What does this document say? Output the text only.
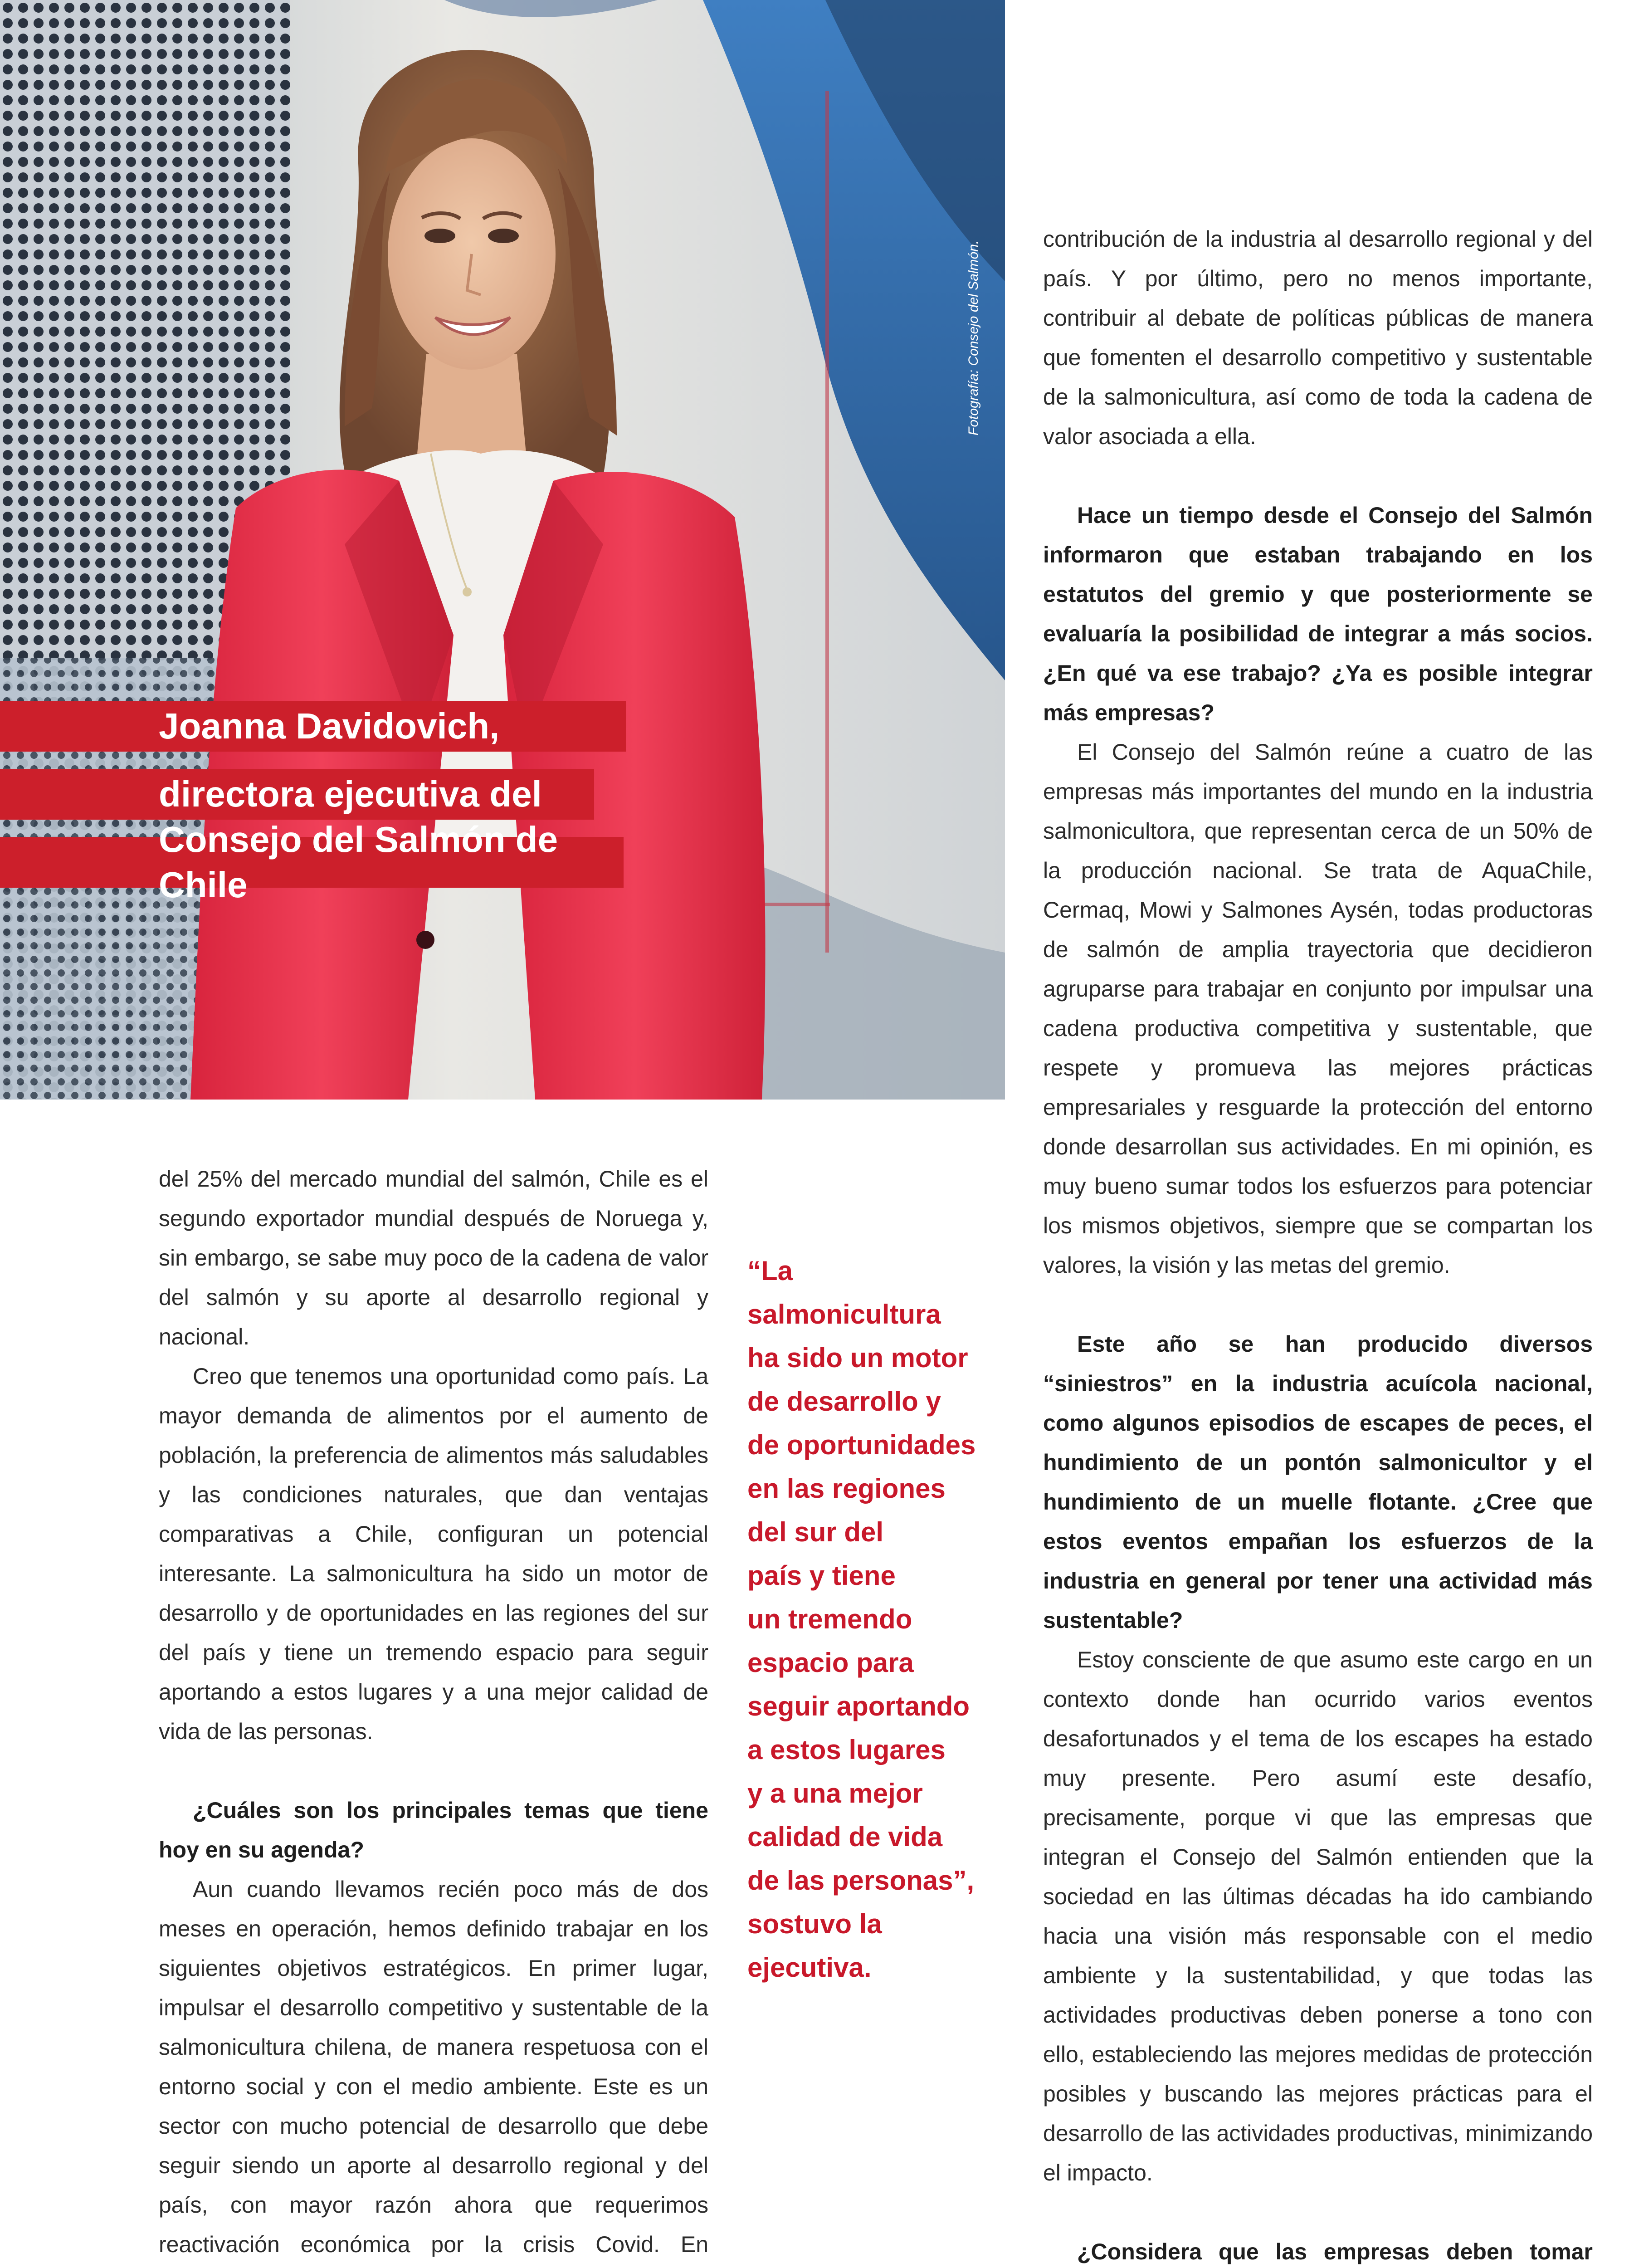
Fotografía: Consejo del Salmón.
Joanna Davidovich,
directora ejecutiva del
Consejo del Salmón de Chile

contribución de la industria al desarrollo regional y del país. Y por último, pero no menos importante, contribuir al debate de políticas públicas de manera que fomenten el desarrollo competitivo y sustentable de la salmonicultura, así como de toda la cadena de valor asociada a ella.

Hace un tiempo desde el Consejo del Salmón informaron que estaban trabajando en los estatutos del gremio y que posteriormente se evaluaría la posibilidad de integrar a más socios. ¿En qué va ese trabajo? ¿Ya es posible integrar más empresas?

El Consejo del Salmón reúne a cuatro de las empresas más importantes del mundo en la industria salmonicultora, que representan cerca de un 50% de la producción nacional. Se trata de AquaChile, Cermaq, Mowi y Salmones Aysén, todas productoras de salmón de amplia trayectoria que decidieron agruparse para trabajar en conjunto por impulsar una cadena productiva competitiva y sustentable, que respete y promueva las mejores prácticas empresariales y resguarde la protección del entorno donde desarrollan sus actividades. En mi opinión, es muy bueno sumar todos los esfuerzos para potenciar los mismos objetivos, siempre que se compartan los valores, la visión y las metas del gremio.

Este año se han producido diversos “siniestros” en la industria acuícola nacional, como algunos episodios de escapes de peces, el hundimiento de un pontón salmonicultor y el hundimiento de un muelle flotante. ¿Cree que estos eventos empañan los esfuerzos de la industria en general por tener una actividad más sustentable?

Estoy consciente de que asumo este cargo en un contexto donde han ocurrido varios eventos desafortunados y el tema de los escapes ha estado muy presente. Pero asumí este desafío, precisamente, porque vi que las empresas que integran el Consejo del Salmón entienden que la sociedad en las últimas décadas ha ido cambiando hacia una visión más responsable con el medio ambiente y la sustentabilidad, y que todas las actividades productivas deben ponerse a tono con ello, estableciendo las mejores medidas de protección posibles y buscando las mejores prácticas para el desarrollo de las actividades productivas, minimizando el impacto.

¿Considera que las empresas deben tomar

del 25% del mercado mundial del salmón, Chile es el segundo exportador mundial después de Noruega y, sin embargo, se sabe muy poco de la cadena de valor del salmón y su aporte al desarrollo regional y nacional.

Creo que tenemos una oportunidad como país. La mayor demanda de alimentos por el aumento de población, la preferencia de alimentos más saludables y las condiciones naturales, que dan ventajas comparativas a Chile, configuran un potencial interesante. La salmonicultura ha sido un motor de desarrollo y de oportunidades en las regiones del sur del país y tiene un tremendo espacio para seguir aportando a estos lugares y a una mejor calidad de vida de las personas.

¿Cuáles son los principales temas que tiene hoy en su agenda?

Aun cuando llevamos recién poco más de dos meses en operación, hemos definido trabajar en los siguientes objetivos estratégicos. En primer lugar, impulsar el desarrollo competitivo y sustentable de la salmonicultura chilena, de manera respetuosa con el entorno social y con el medio ambiente. Este es un sector con mucho potencial de desarrollo que debe seguir siendo un aporte al desarrollo regional y del país, con mayor razón ahora que requerimos reactivación económica por la crisis Covid. En

“La
salmonicultura
ha sido un motor
de desarrollo y
de oportunidades
en las regiones
del sur del
país y tiene
un tremendo
espacio para
seguir aportando
a estos lugares
y a una mejor
calidad de vida
de las personas”,
sostuvo la
ejecutiva.
